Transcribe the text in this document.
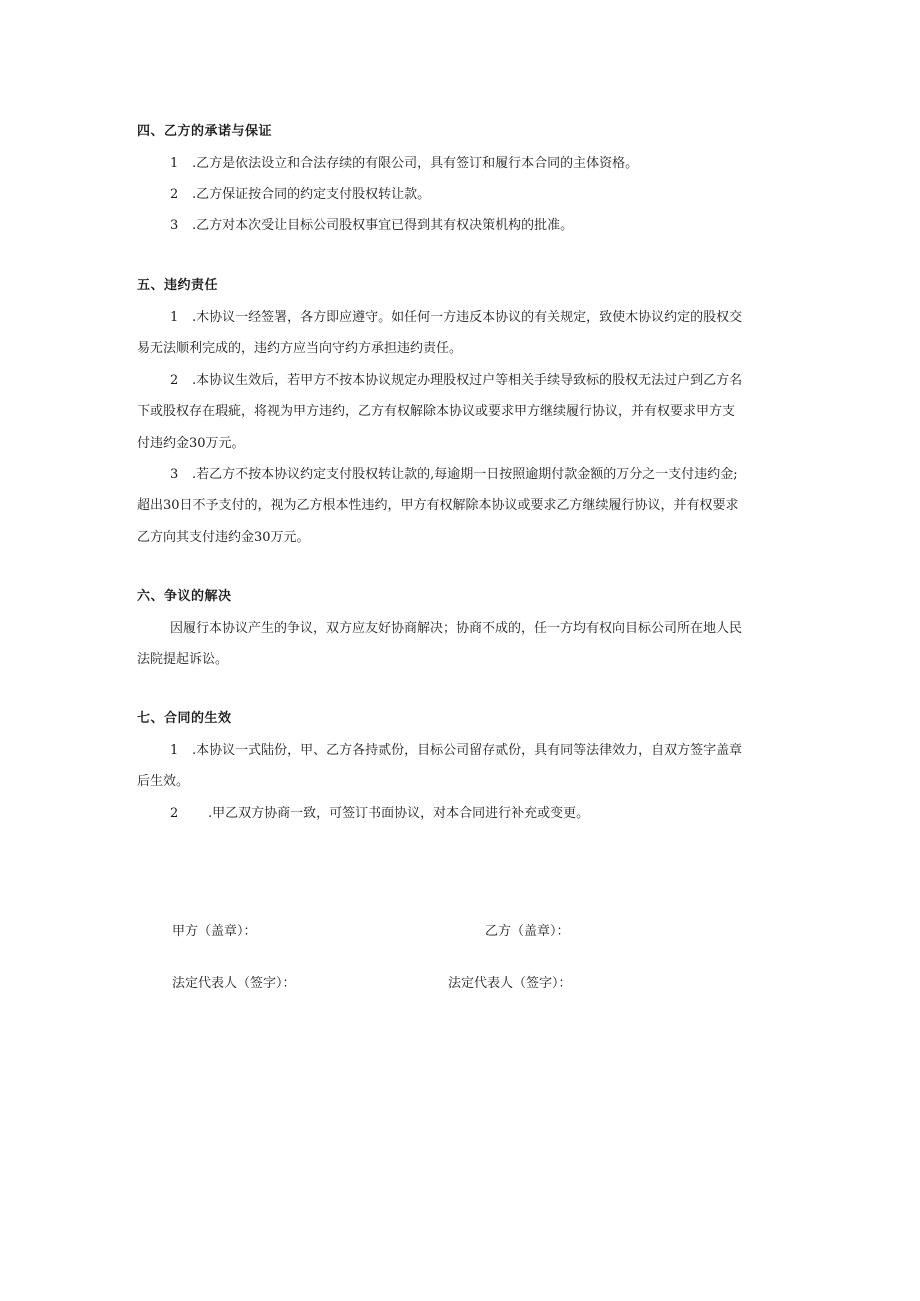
四、乙方的承诺与保证
1 .乙方是依法设立和合法存续的有限公司，具有签订和履行本合同的主体资格。
2 .乙方保证按合同的约定支付股权转让款。
3 .乙方对本次受让目标公司股权事宜已得到其有权决策机构的批准。
五、违约责任
1 .木协议一经签署，各方即应遵守。如任何一方违反本协议的有关规定，致使木协议约定的股权交
易无法顺利完成的，违约方应当向守约方承担违约责任。
2 .本协议生效后，若甲方不按本协议规定办理股权过户等相关手续导致标的股权无法过户到乙方名
下或股权存在瑕疵，将视为甲方违约，乙方有权解除本协议或要求甲方继续履行协议，并有权要求甲方支
付违约金30万元。
3 .若乙方不按本协议约定支付股权转让款的,每逾期一日按照逾期付款金额的万分之一支付违约金;
超出30日不予支付的，视为乙方根本性违约，甲方有权解除本协议或要求乙方继续履行协议，并有权要求
乙方向其支付违约金30万元。
六、争议的解决
因履行本协议产生的争议，双方应友好协商解决；协商不成的，任一方均有权向目标公司所在地人民
法院提起诉讼。
七、合同的生效
1 .本协议一式陆份，甲、乙方各持贰份，目标公司留存贰份，具有同等法律效力，自双方签字盖章
后生效。
2 .甲乙双方协商一致，可签订书面协议，对本合同进行补充或变更。
甲方（盖章）：	乙方（盖章）：
法定代表人（签字）：	法定代表人（签字）：
